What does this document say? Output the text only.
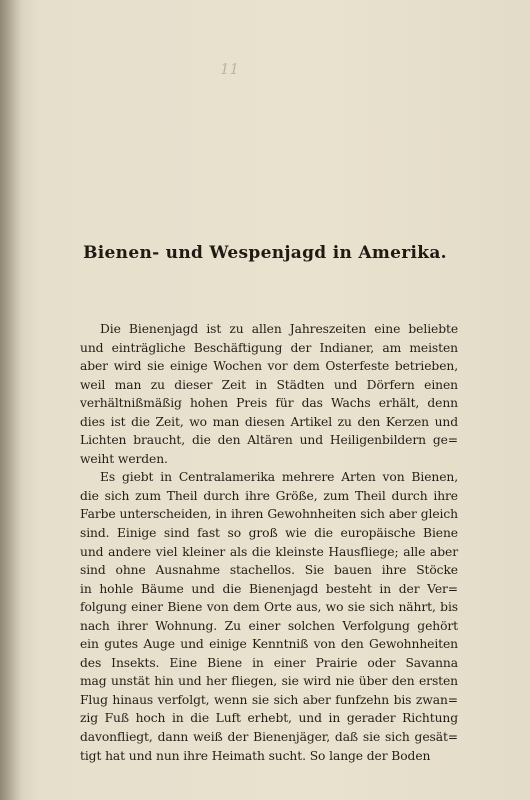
11
Bienen- und Wespenjagd in Amerika.
Die Bienenjagd ist zu allen Jahreszeiten eine beliebte
und einträgliche Beschäftigung der Indianer, am meisten
aber wird sie einige Wochen vor dem Osterfeste betrieben,
weil man zu dieser Zeit in Städten und Dörfern einen
verhältnißmäßig hohen Preis für das Wachs erhält, denn
dies ist die Zeit, wo man diesen Artikel zu den Kerzen und
Lichten braucht, die den Altären und Heiligenbildern ge=
weiht werden.
Es giebt in Centralamerika mehrere Arten von Bienen,
die sich zum Theil durch ihre Größe, zum Theil durch ihre
Farbe unterscheiden, in ihren Gewohnheiten sich aber gleich
sind. Einige sind fast so groß wie die europäische Biene
und andere viel kleiner als die kleinste Hausfliege; alle aber
sind ohne Ausnahme stachellos. Sie bauen ihre Stöcke
in hohle Bäume und die Bienenjagd besteht in der Ver=
folgung einer Biene von dem Orte aus, wo sie sich nährt, bis
nach ihrer Wohnung. Zu einer solchen Verfolgung gehört
ein gutes Auge und einige Kenntniß von den Gewohnheiten
des Insekts. Eine Biene in einer Prairie oder Savanna
mag unstät hin und her fliegen, sie wird nie über den ersten
Flug hinaus verfolgt, wenn sie sich aber funfzehn bis zwan=
zig Fuß hoch in die Luft erhebt, und in gerader Richtung
davonfliegt, dann weiß der Bienenjäger, daß sie sich gesät=
tigt hat und nun ihre Heimath sucht. So lange der Boden
